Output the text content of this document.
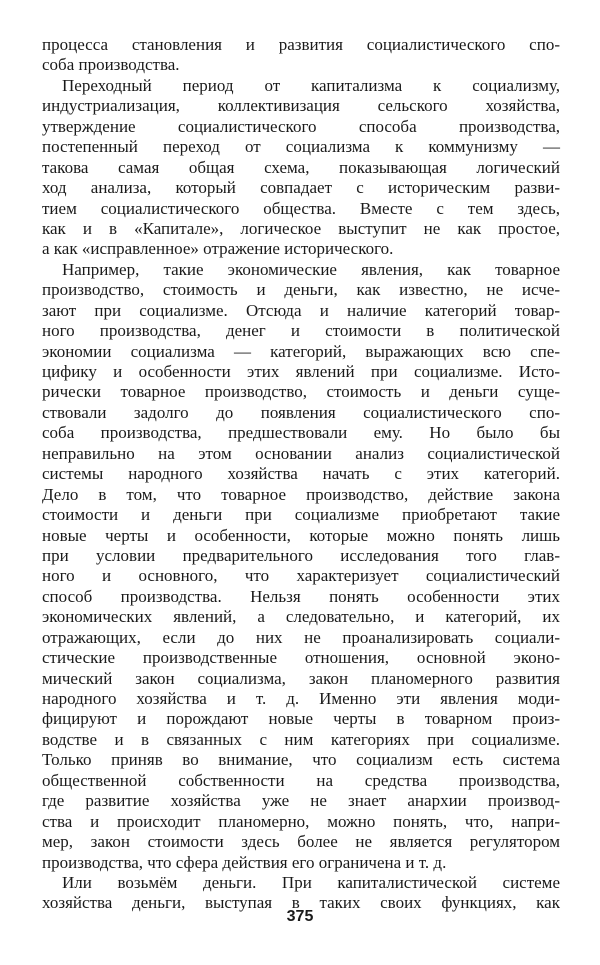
процесса становления и развития социалистического спо-
соба производства.
Переходный период от капитализма к социализму,
индустриализация, коллективизация сельского хозяйства,
утверждение социалистического способа производства,
постепенный переход от социализма к коммунизму —
такова самая общая схема, показывающая логический
ход анализа, который совпадает с историческим разви-
тием социалистического общества. Вместе с тем здесь,
как и в «Капитале», логическое выступит не как простое,
а как «исправленное» отражение исторического.
Например, такие экономические явления, как товарное
производство, стоимость и деньги, как известно, не исче-
зают при социализме. Отсюда и наличие категорий товар-
ного производства, денег и стоимости в политической
экономии социализма — категорий, выражающих всю спе-
цифику и особенности этих явлений при социализме. Исто-
рически товарное производство, стоимость и деньги суще-
ствовали задолго до появления социалистического спо-
соба производства, предшествовали ему. Но было бы
неправильно на этом основании анализ социалистической
системы народного хозяйства начать с этих категорий.
Дело в том, что товарное производство, действие закона
стоимости и деньги при социализме приобретают такие
новые черты и особенности, которые можно понять лишь
при условии предварительного исследования того глав-
ного и основного, что характеризует социалистический
способ производства. Нельзя понять особенности этих
экономических явлений, а следовательно, и категорий, их
отражающих, если до них не проанализировать социали-
стические производственные отношения, основной эконо-
мический закон социализма, закон планомерного развития
народного хозяйства и т. д. Именно эти явления моди-
фицируют и порождают новые черты в товарном произ-
водстве и в связанных с ним категориях при социализме.
Только приняв во внимание, что социализм есть система
общественной собственности на средства производства,
где развитие хозяйства уже не знает анархии производ-
ства и происходит планомерно, можно понять, что, напри-
мер, закон стоимости здесь более не является регулятором
производства, что сфера действия его ограничена и т. д.
Или возьмём деньги. При капиталистической системе
хозяйства деньги, выступая в таких своих функциях, как
375
